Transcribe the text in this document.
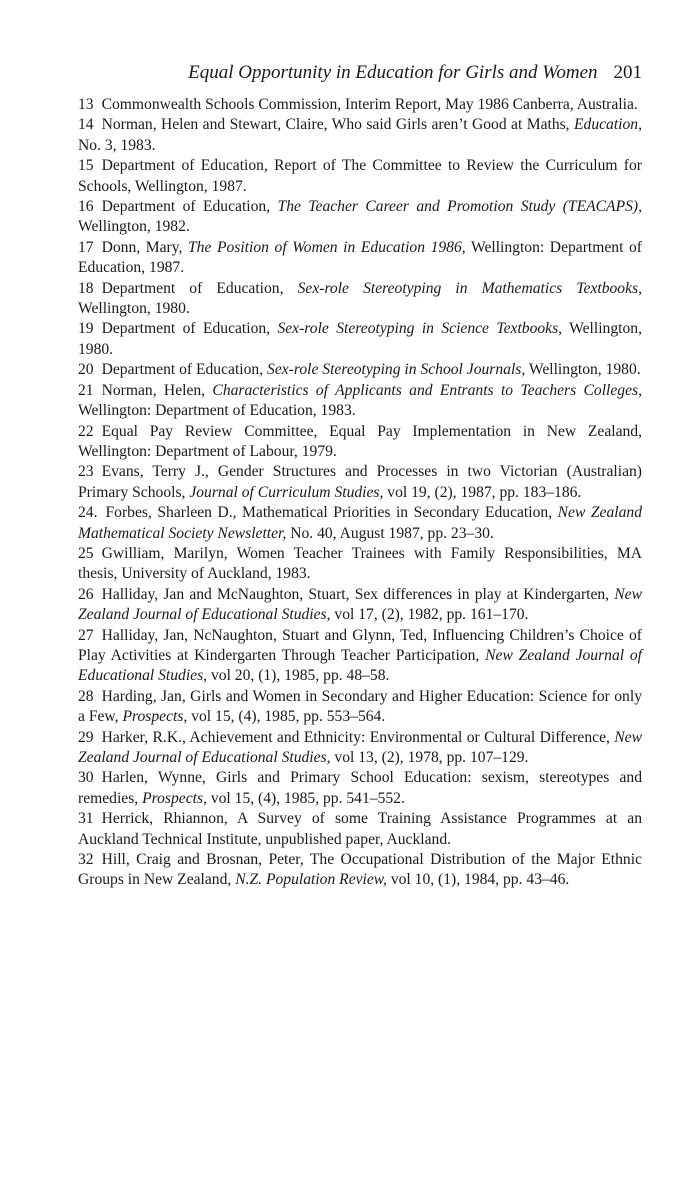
Equal Opportunity in Education for Girls and Women 201

13 Commonwealth Schools Commission, Interim Report, May 1986 Canberra, Australia.

14 Norman, Helen and Stewart, Claire, Who said Girls aren’t Good at Maths, Education, No. 3, 1983.

15 Department of Education, Report of The Committee to Review the Curriculum for Schools, Wellington, 1987.

16 Department of Education, The Teacher Career and Promotion Study (TEACAPS), Wellington, 1982.

17 Donn, Mary, The Position of Women in Education 1986, Wellington: Department of Education, 1987.

18 Department of Education, Sex-role Stereotyping in Mathematics Textbooks, Wellington, 1980.

19 Department of Education, Sex-role Stereotyping in Science Textbooks, Wellington, 1980.

20 Department of Education, Sex-role Stereotyping in School Journals, Wellington, 1980.

21 Norman, Helen, Characteristics of Applicants and Entrants to Teachers Colleges, Wellington: Department of Education, 1983.

22 Equal Pay Review Committee, Equal Pay Implementation in New Zealand, Wellington: Department of Labour, 1979.

23 Evans, Terry J., Gender Structures and Processes in two Victorian (Australian) Primary Schools, Journal of Curriculum Studies, vol 19, (2), 1987, pp. 183–186.

24. Forbes, Sharleen D., Mathematical Priorities in Secondary Education, New Zealand Mathematical Society Newsletter, No. 40, August 1987, pp. 23–30.

25 Gwilliam, Marilyn, Women Teacher Trainees with Family Responsibilities, MA thesis, University of Auckland, 1983.

26 Halliday, Jan and McNaughton, Stuart, Sex differences in play at Kindergarten, New Zealand Journal of Educational Studies, vol 17, (2), 1982, pp. 161–170.

27 Halliday, Jan, NcNaughton, Stuart and Glynn, Ted, Influencing Children’s Choice of Play Activities at Kindergarten Through Teacher Participation, New Zealand Journal of Educational Studies, vol 20, (1), 1985, pp. 48–58.

28 Harding, Jan, Girls and Women in Secondary and Higher Education: Science for only a Few, Prospects, vol 15, (4), 1985, pp. 553–564.

29 Harker, R.K., Achievement and Ethnicity: Environmental or Cultural Difference, New Zealand Journal of Educational Studies, vol 13, (2), 1978, pp. 107–129.

30 Harlen, Wynne, Girls and Primary School Education: sexism, stereotypes and remedies, Prospects, vol 15, (4), 1985, pp. 541–552.

31 Herrick, Rhiannon, A Survey of some Training Assistance Programmes at an Auckland Technical Institute, unpublished paper, Auckland.

32 Hill, Craig and Brosnan, Peter, The Occupational Distribution of the Major Ethnic Groups in New Zealand, N.Z. Population Review, vol 10, (1), 1984, pp. 43–46.
